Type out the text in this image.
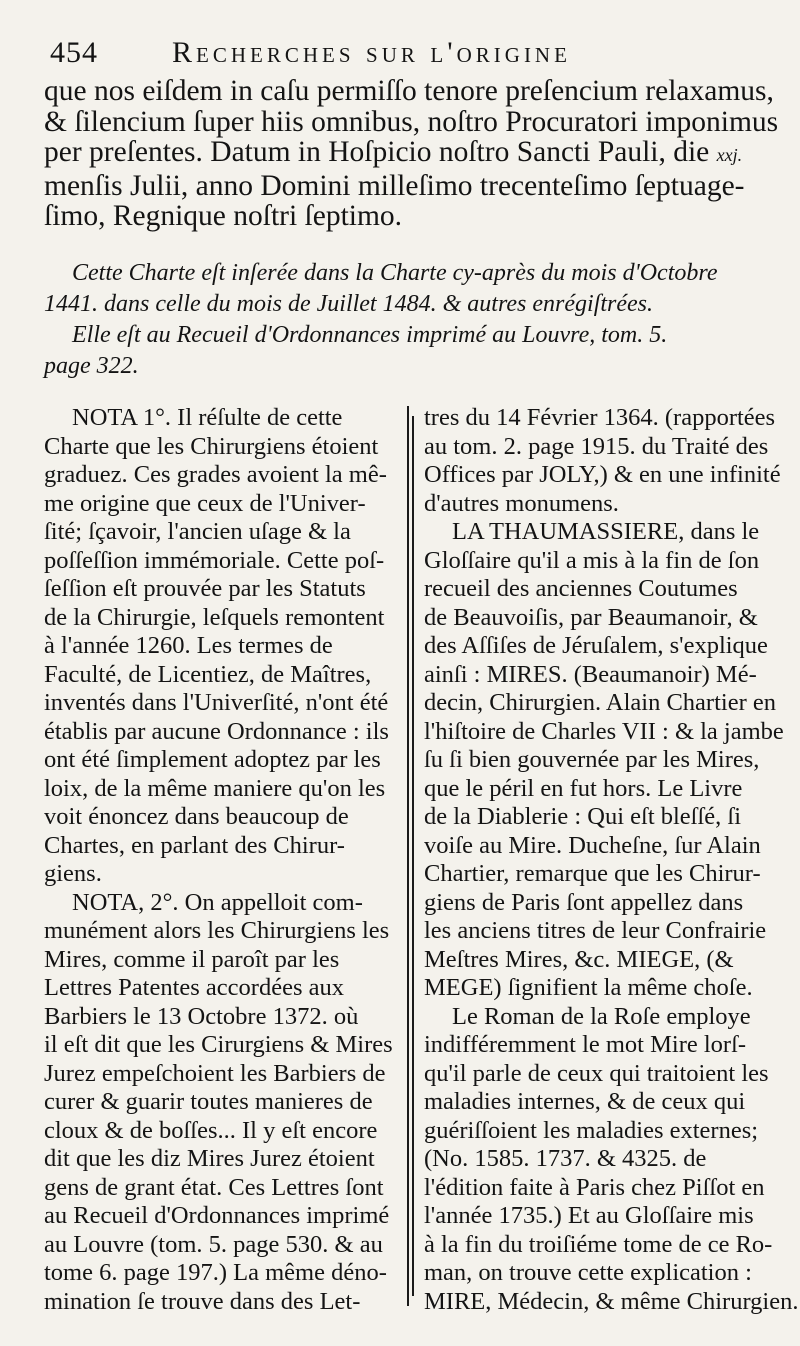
454 Recherches sur l'origine
que nos eiſdem in caſu permiſſo tenore preſencium relaxamus,
& ſilencium ſuper hiis omnibus, noſtro Procuratori imponimus
per preſentes. Datum in Hoſpicio noſtro Sancti Pauli, die xxj.
menſis Julii, anno Domini milleſimo trecenteſimo ſeptuage-
ſimo, Regnique noſtri ſeptimo.
Cette Charte eſt inſerée dans la Charte cy-après du mois d'Octobre
1441. dans celle du mois de Juillet 1484. & autres enrégiſtrées.
Elle eſt au Recueil d'Ordonnances imprimé au Louvre, tom. 5.
page 322.
NOTA 1°. Il réſulte de cette
Charte que les Chirurgiens étoient
graduez. Ces grades avoient la mê-
me origine que ceux de l'Univer-
ſité; ſçavoir, l'ancien uſage & la
poſſeſſion immémoriale. Cette poſ-
ſeſſion eſt prouvée par les Statuts
de la Chirurgie, leſquels remontent
à l'année 1260. Les termes de
Faculté, de Licentiez, de Maîtres,
inventés dans l'Univerſité, n'ont été
établis par aucune Ordonnance : ils
ont été ſimplement adoptez par les
loix, de la même maniere qu'on les
voit énoncez dans beaucoup de
Chartes, en parlant des Chirur-
giens.
NOTA, 2°. On appelloit com-
munément alors les Chirurgiens les
Mires, comme il paroît par les
Lettres Patentes accordées aux
Barbiers le 13 Octobre 1372. où
il eſt dit que les Cirurgiens & Mires
Jurez empeſchoient les Barbiers de
curer & guarir toutes manieres de
cloux & de boſſes... Il y eſt encore
dit que les diz Mires Jurez étoient
gens de grant état. Ces Lettres ſont
au Recueil d'Ordonnances imprimé
au Louvre (tom. 5. page 530. & au
tome 6. page 197.) La même déno-
mination ſe trouve dans des Let-
tres du 14 Février 1364. (rapportées
au tom. 2. page 1915. du Traité des
Offices par JOLY,) & en une infinité
d'autres monumens.
LA THAUMASSIERE, dans le
Gloſſaire qu'il a mis à la fin de ſon
recueil des anciennes Coutumes
de Beauvoiſis, par Beaumanoir, &
des Aſſiſes de Jéruſalem, s'explique
ainſi : MIRES. (Beaumanoir) Mé-
decin, Chirurgien. Alain Chartier en
l'hiſtoire de Charles VII : & la jambe
ſu ſi bien gouvernée par les Mires,
que le péril en fut hors. Le Livre
de la Diablerie : Qui eſt bleſſé, ſi
voiſe au Mire. Ducheſne, ſur Alain
Chartier, remarque que les Chirur-
giens de Paris ſont appellez dans
les anciens titres de leur Confrairie
Meſtres Mires, &c. MIEGE, (&
MEGE) ſignifient la même choſe.
Le Roman de la Roſe employe
indifféremment le mot Mire lorſ-
qu'il parle de ceux qui traitoient les
maladies internes, & de ceux qui
guériſſoient les maladies externes;
(No. 1585. 1737. & 4325. de
l'édition faite à Paris chez Piſſot en
l'année 1735.) Et au Gloſſaire mis
à la fin du troiſiéme tome de ce Ro-
man, on trouve cette explication :
MIRE, Médecin, & même Chirurgien.
